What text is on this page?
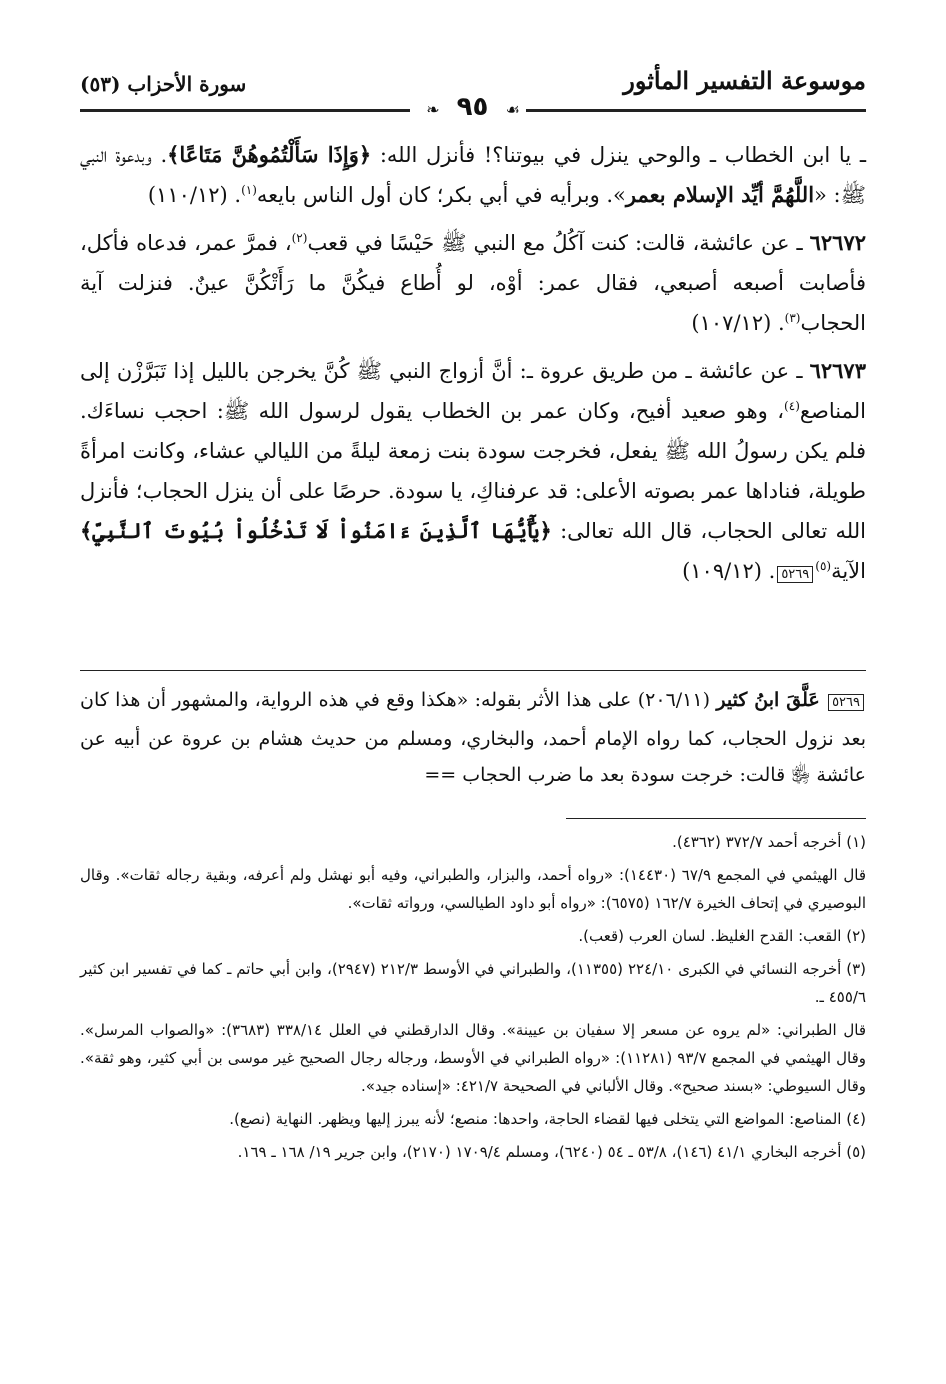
موسوعة التفسير المأثور
سورة الأحزاب (٥٣)
❧ ٩٥ ☙

ـ يا ابن الخطاب ـ والوحي ينزل في بيوتنا؟! فأنزل الله: ﴿وَإِذَا سَأَلْتُمُوهُنَّ مَتَاعًا﴾. وبدعوة النبي ﷺ: «اللَّهُمَّ أيِّد الإسلام بعمر». وبرأيه في أبي بكر؛ كان أول الناس بايعه$^{(١)}$. (١١٠/١٢)

٦٢٦٧٢ ـ عن عائشة، قالت: كنت آكُلُ مع النبي ﷺ حَيْسًا في قعب$^{(٢)}$، فمرَّ عمر، فدعاه فأكل، فأصابت أصبعه أصبعي، فقال عمر: أوْه، لو أُطاع فيكُنَّ ما رَأَتْكُنَّ عينٌ. فنزلت آية الحجاب$^{(٣)}$. (١٠٧/١٢)

٦٢٦٧٣ ـ عن عائشة ـ من طريق عروة ـ: أنَّ أزواج النبي ﷺ كُنَّ يخرجن بالليل إذا تَبَرَّزْن إلى المناصع$^{(٤)}$، وهو صعيد أفيح، وكان عمر بن الخطاب يقول لرسول الله ﷺ: احجب نساءَك. فلم يكن رسولُ الله ﷺ يفعل، فخرجت سودة بنت زمعة ليلةً من الليالي عشاء، وكانت امرأةً طويلة، فناداها عمر بصوته الأعلى: قد عرفناكِ، يا سودة. حرصًا على أن ينزل الحجاب؛ فأنزل الله تعالى الحجاب، قال الله تعالى: ﴿يَٰٓأَيُّهَا ٱلَّذِينَ ءَامَنُواْ لَا تَدْخُلُواْ بُيُوتَ ٱلنَّبِيِّ﴾ الآية$^{(٥)}$٥٢٦٩. (١٠٩/١٢)

٥٢٦٩ عَلَّقَ ابنُ كثير (٢٠٦/١١) على هذا الأثر بقوله: «هكذا وقع في هذه الرواية، والمشهور أن هذا كان بعد نزول الحجاب، كما رواه الإمام أحمد، والبخاري، ومسلم من حديث هشام بن عروة عن أبيه عن عائشة ﵂ قالت: خرجت سودة بعد ما ضرب الحجاب ==

(١) أخرجه أحمد ٣٧٢/٧ (٤٣٦٢).

قال الهيثمي في المجمع ٦٧/٩ (١٤٤٣٠): «رواه أحمد، والبزار، والطبراني، وفيه أبو نهشل ولم أعرفه، وبقية رجاله ثقات». وقال البوصيري في إتحاف الخيرة ١٦٢/٧ (٦٥٧٥): «رواه أبو داود الطيالسي، ورواته ثقات».

(٢) القعب: القدح الغليظ. لسان العرب (قعب).

(٣) أخرجه النسائي في الكبرى ٢٢٤/١٠ (١١٣٥٥)، والطبراني في الأوسط ٢١٢/٣ (٢٩٤٧)، وابن أبي حاتم ـ كما في تفسير ابن كثير ٤٥٥/٦ ـ.

قال الطبراني: «لم يروه عن مسعر إلا سفيان بن عيينة». وقال الدارقطني في العلل ٣٣٨/١٤ (٣٦٨٣): «والصواب المرسل». وقال الهيثمي في المجمع ٩٣/٧ (١١٢٨١): «رواه الطبراني في الأوسط، ورجاله رجال الصحيح غير موسى بن أبي كثير، وهو ثقة». وقال السيوطي: «بسند صحيح». وقال الألباني في الصحيحة ٤٢١/٧: «إسناده جيد».

(٤) المناصع: المواضع التي يتخلى فيها لقضاء الحاجة، واحدها: منصع؛ لأنه يبرز إليها ويظهر. النهاية (نصع).

(٥) أخرجه البخاري ٤١/١ (١٤٦)، ٥٣/٨ ـ ٥٤ (٦٢٤٠)، ومسلم ١٧٠٩/٤ (٢١٧٠)، وابن جرير ١٩/ ١٦٨ ـ ١٦٩.
